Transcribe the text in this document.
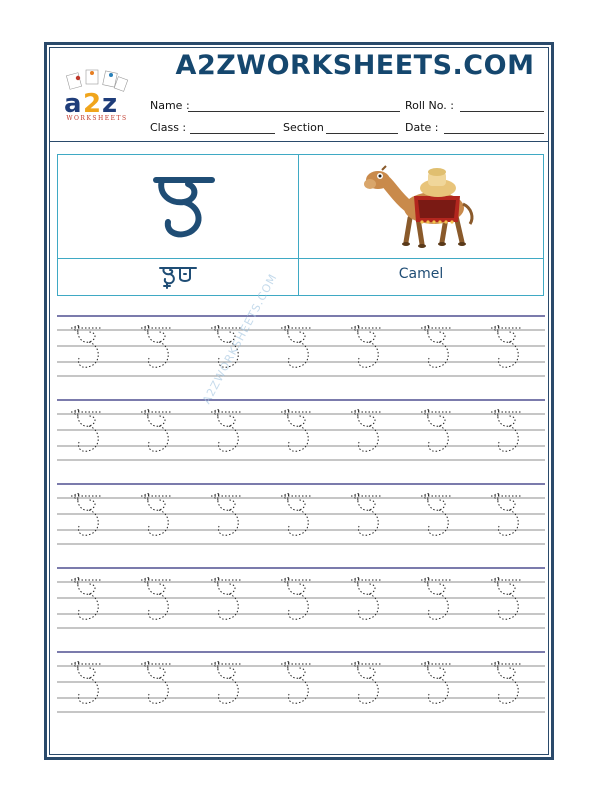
a 2 z
WORKSHEETS
A2ZWORKSHEETS.COM
Name :	Roll No. :
Class :	Section	Date :
Camel
A2ZWORKSHEETS.COM
